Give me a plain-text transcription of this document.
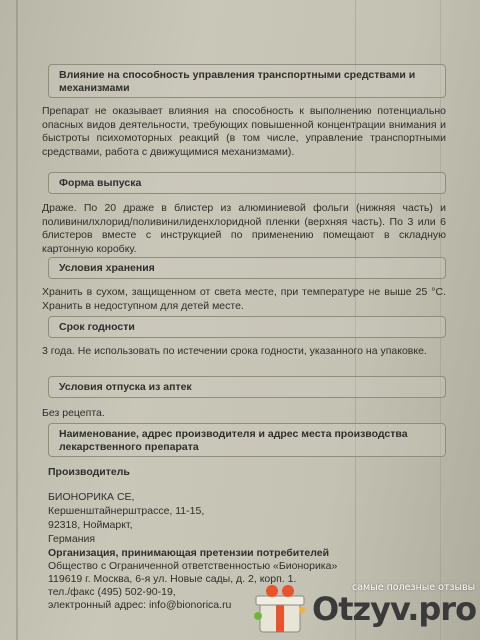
Влияние на способность управления транспортными средствами и механизмами
Препарат не оказывает влияния на способность к выполнению потенциально опасных видов деятельности, требующих повышенной концентрации внимания и быстроты психомоторных реакций (в том числе, управление транспортными средствами, работа с движущимися механизмами).
Форма выпуска
Драже. По 20 драже в блистер из алюминиевой фольги (нижняя часть) и поливинилхлорид/поливинилиденхлоридной пленки (верхняя часть). По 3 или 6 блистеров вместе с инструкцией по применению помещают в складную картонную коробку.
Условия хранения
Хранить в сухом, защищенном от света месте, при температуре не выше 25 °С. Хранить в недоступном для детей месте.
Срок годности
3 года. Не использовать по истечении срока годности, указанного на упаковке.
Условия отпуска из аптек
Без рецепта.
Наименование, адрес производителя и адрес места производства лекарственного препарата
Производитель
БИОНОРИКА СЕ,
Кершенштайнерштрассе, 11-15,
92318, Ноймаркт,
Германия
Организация, принимающая претензии потребителей
Общество с Ограниченной ответственностью «Бионорика»
119619 г. Москва, 6-я ул. Новые сады, д. 2, корп. 1.
тел./факс (495) 502-90-19,
электронный адрес: info@bionorica.ru
самые полезные отзывы
Otzyv.pro
